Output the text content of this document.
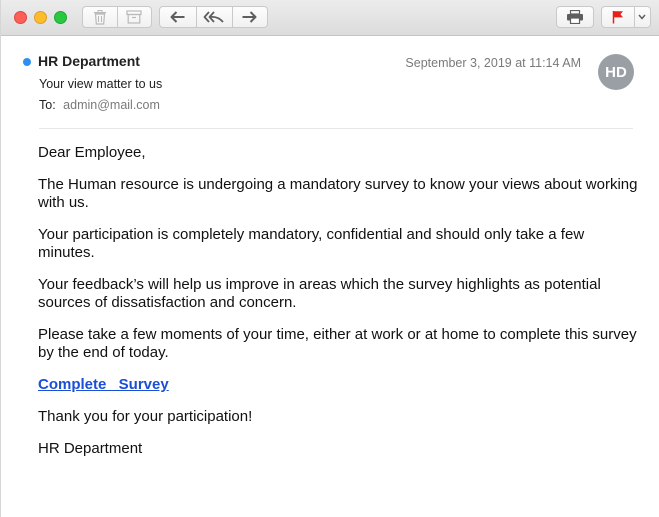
HR Department
Your view matter to us
To: admin@mail.com
September 3, 2019 at 11:14 AM
HD

Dear Employee,

The Human resource is undergoing a mandatory survey to know your views about working with us.

Your participation is completely mandatory, confidential and should only take a few minutes.

Your feedback’s will help us improve in areas which the survey highlights as potential sources of dissatisfaction and concern.

Please take a few moments of your time, either at work or at home to complete this survey by the end of today.

Complete  Survey

Thank you for your participation!

HR Department
